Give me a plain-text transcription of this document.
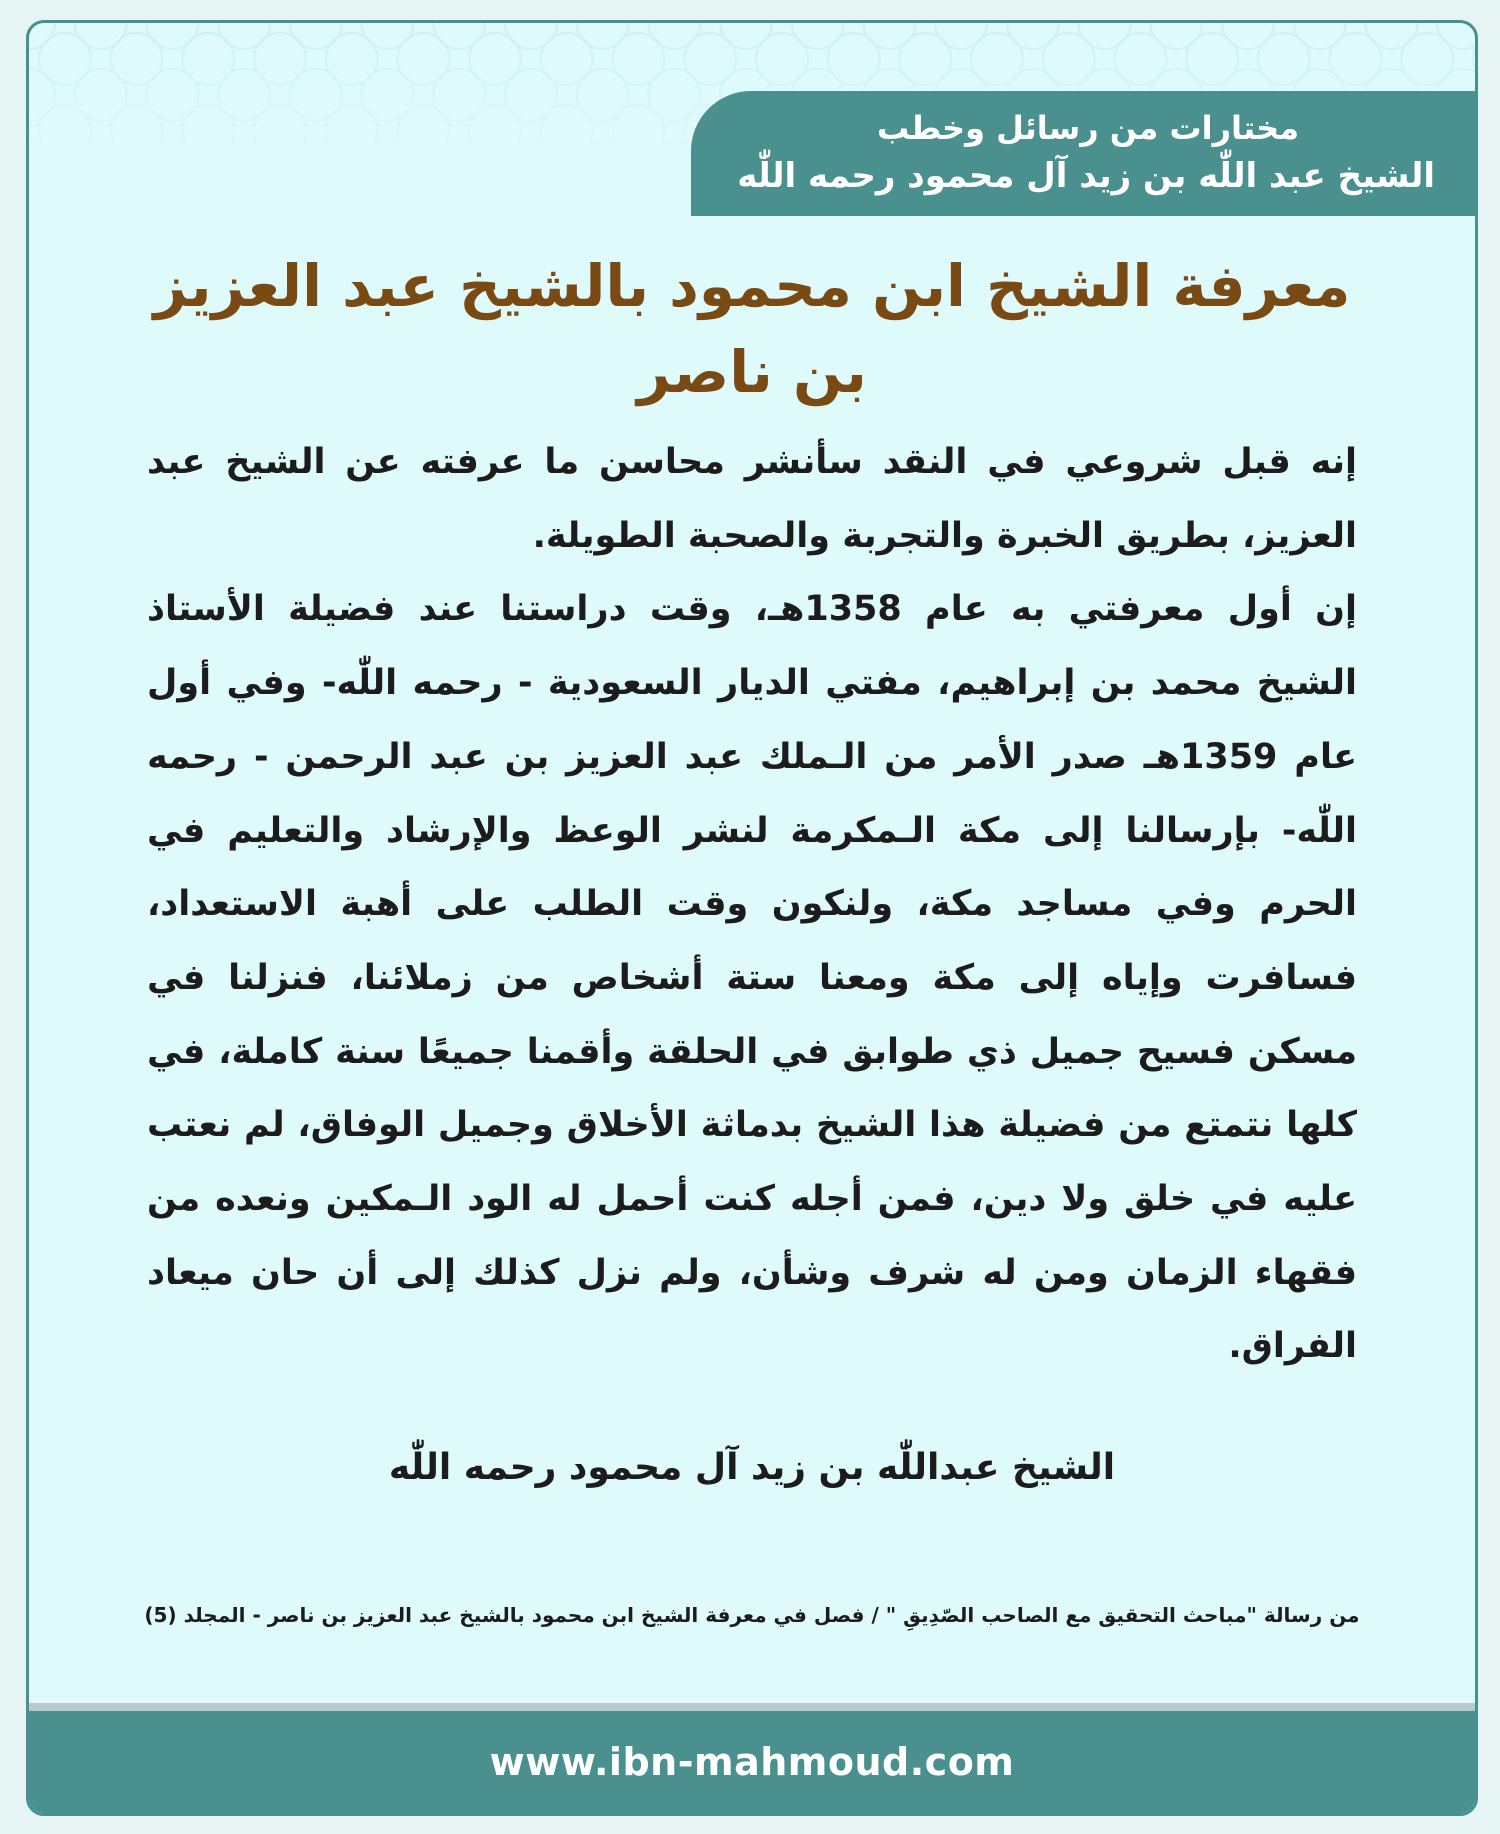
مختارات من رسائل وخطب
الشيخ عبد اللّٰه بن زيد آل محمود رحمه اللّٰه
معرفة الشيخ ابن محمود بالشيخ عبد العزيز بن ناصر

إنه قبل شروعي في النقد سأنشر محاسن ما عرفته عن الشيخ عبد العزيز، بطريق الخبرة والتجربة والصحبة الطويلة.

إن أول معرفتي به عام 1358هـ، وقت دراستنا عند فضيلة الأستاذ الشيخ محمد بن إبراهيم، مفتي الديار السعودية - رحمه اللّٰه- وفي أول عام 1359هـ صدر الأمر من الـملك عبد العزيز بن عبد الرحمن - رحمه اللّٰه- بإرسالنا إلى مكة الـمكرمة لنشر الوعظ والإرشاد والتعليم في الحرم وفي مساجد مكة، ولنكون وقت الطلب على أهبة الاستعداد، فسافرت وإياه إلى مكة ومعنا ستة أشخاص من زملائنا، فنزلنا في مسكن فسيح جميل ذي طوابق في الحلقة وأقمنا جميعًا سنة كاملة، في كلها نتمتع من فضيلة هذا الشيخ بدماثة الأخلاق وجميل الوفاق، لم نعتب عليه في خلق ولا دين، فمن أجله كنت أحمل له الود الـمكين ونعده من فقهاء الزمان ومن له شرف وشأن، ولم نزل كذلك إلى أن حان ميعاد الفراق.

الشيخ عبداللّٰه بن زيد آل محمود رحمه اللّٰه
من رسالة "مباحث التحقيق مع الصاحب الصّدِيقِ " / فصل في معرفة الشيخ ابن محمود بالشيخ عبد العزيز بن ناصر - المجلد (5)
www.ibn-mahmoud.com
